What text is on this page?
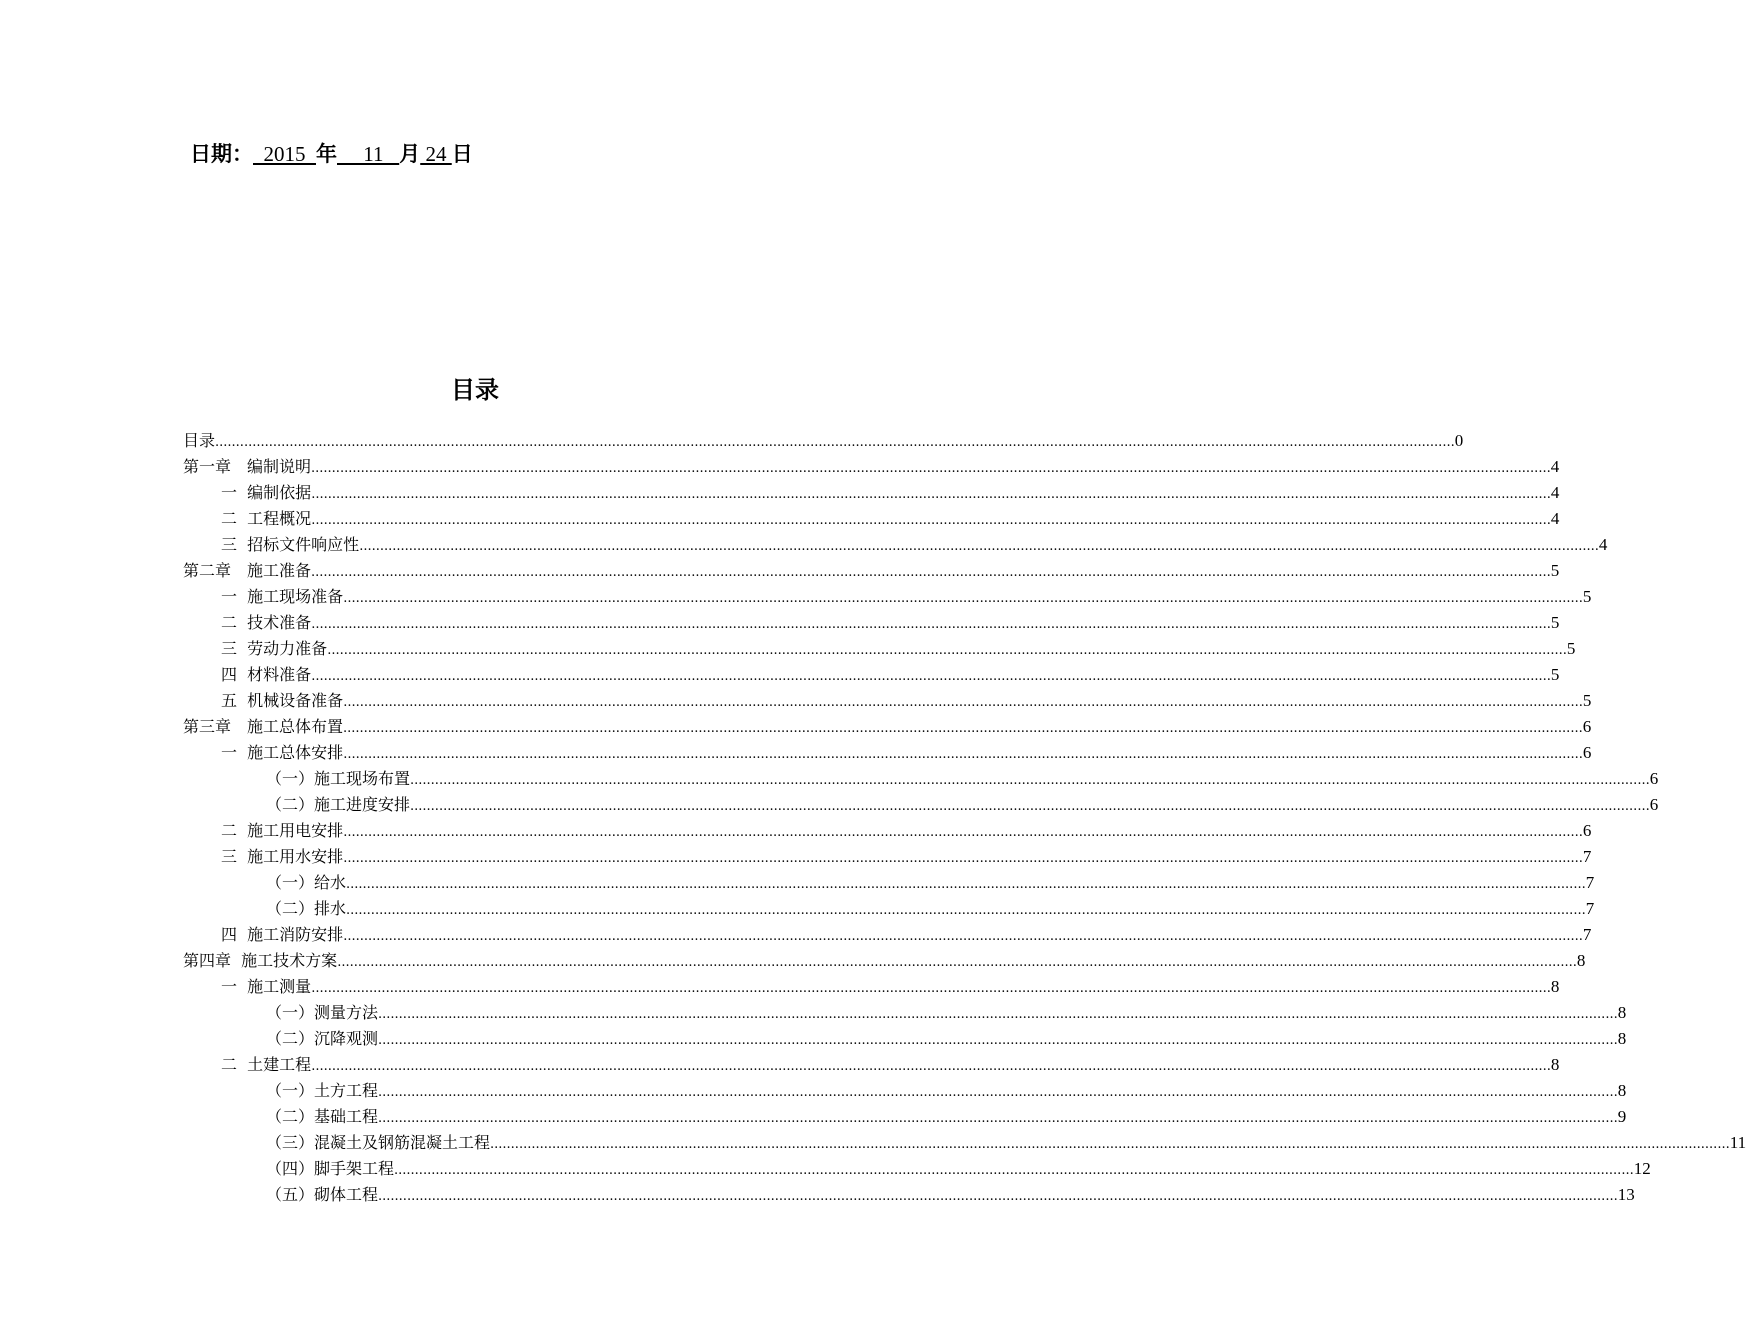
日期：  2015  年     11   月 24 日
目录
目录 ............................................................................................................................................................................................................................................................................................................ 0
第一章　编制说明 ............................................................................................................................................................................................................................................................................................................ 4
一  编制依据 ............................................................................................................................................................................................................................................................................................................ 4
二  工程概况 ............................................................................................................................................................................................................................................................................................................ 4
三  招标文件响应性 ............................................................................................................................................................................................................................................................................................................ 4
第二章　施工准备 ............................................................................................................................................................................................................................................................................................................ 5
一  施工现场准备 ............................................................................................................................................................................................................................................................................................................ 5
二  技术准备 ............................................................................................................................................................................................................................................................................................................ 5
三  劳动力准备 ............................................................................................................................................................................................................................................................................................................ 5
四  材料准备 ............................................................................................................................................................................................................................................................................................................ 5
五  机械设备准备 ............................................................................................................................................................................................................................................................................................................ 5
第三章　施工总体布置 ............................................................................................................................................................................................................................................................................................................ 6
一  施工总体安排 ............................................................................................................................................................................................................................................................................................................ 6
（一）施工现场布置 ............................................................................................................................................................................................................................................................................................................ 6
（二）施工进度安排 ............................................................................................................................................................................................................................................................................................................ 6
二  施工用电安排 ............................................................................................................................................................................................................................................................................................................ 6
三  施工用水安排 ............................................................................................................................................................................................................................................................................................................ 7
（一）给水 ............................................................................................................................................................................................................................................................................................................ 7
（二）排水 ............................................................................................................................................................................................................................................................................................................ 7
四  施工消防安排 ............................................................................................................................................................................................................................................................................................................ 7
第四章  施工技术方案 ............................................................................................................................................................................................................................................................................................................ 8
一  施工测量 ............................................................................................................................................................................................................................................................................................................ 8
（一）测量方法 ............................................................................................................................................................................................................................................................................................................ 8
（二）沉降观测 ............................................................................................................................................................................................................................................................................................................ 8
二  土建工程 ............................................................................................................................................................................................................................................................................................................ 8
（一）土方工程 ............................................................................................................................................................................................................................................................................................................ 8
（二）基础工程 ............................................................................................................................................................................................................................................................................................................ 9
（三）混凝土及钢筋混凝土工程 ............................................................................................................................................................................................................................................................................................................ 11
（四）脚手架工程 ............................................................................................................................................................................................................................................................................................................ 12
（五）砌体工程 ............................................................................................................................................................................................................................................................................................................ 13
